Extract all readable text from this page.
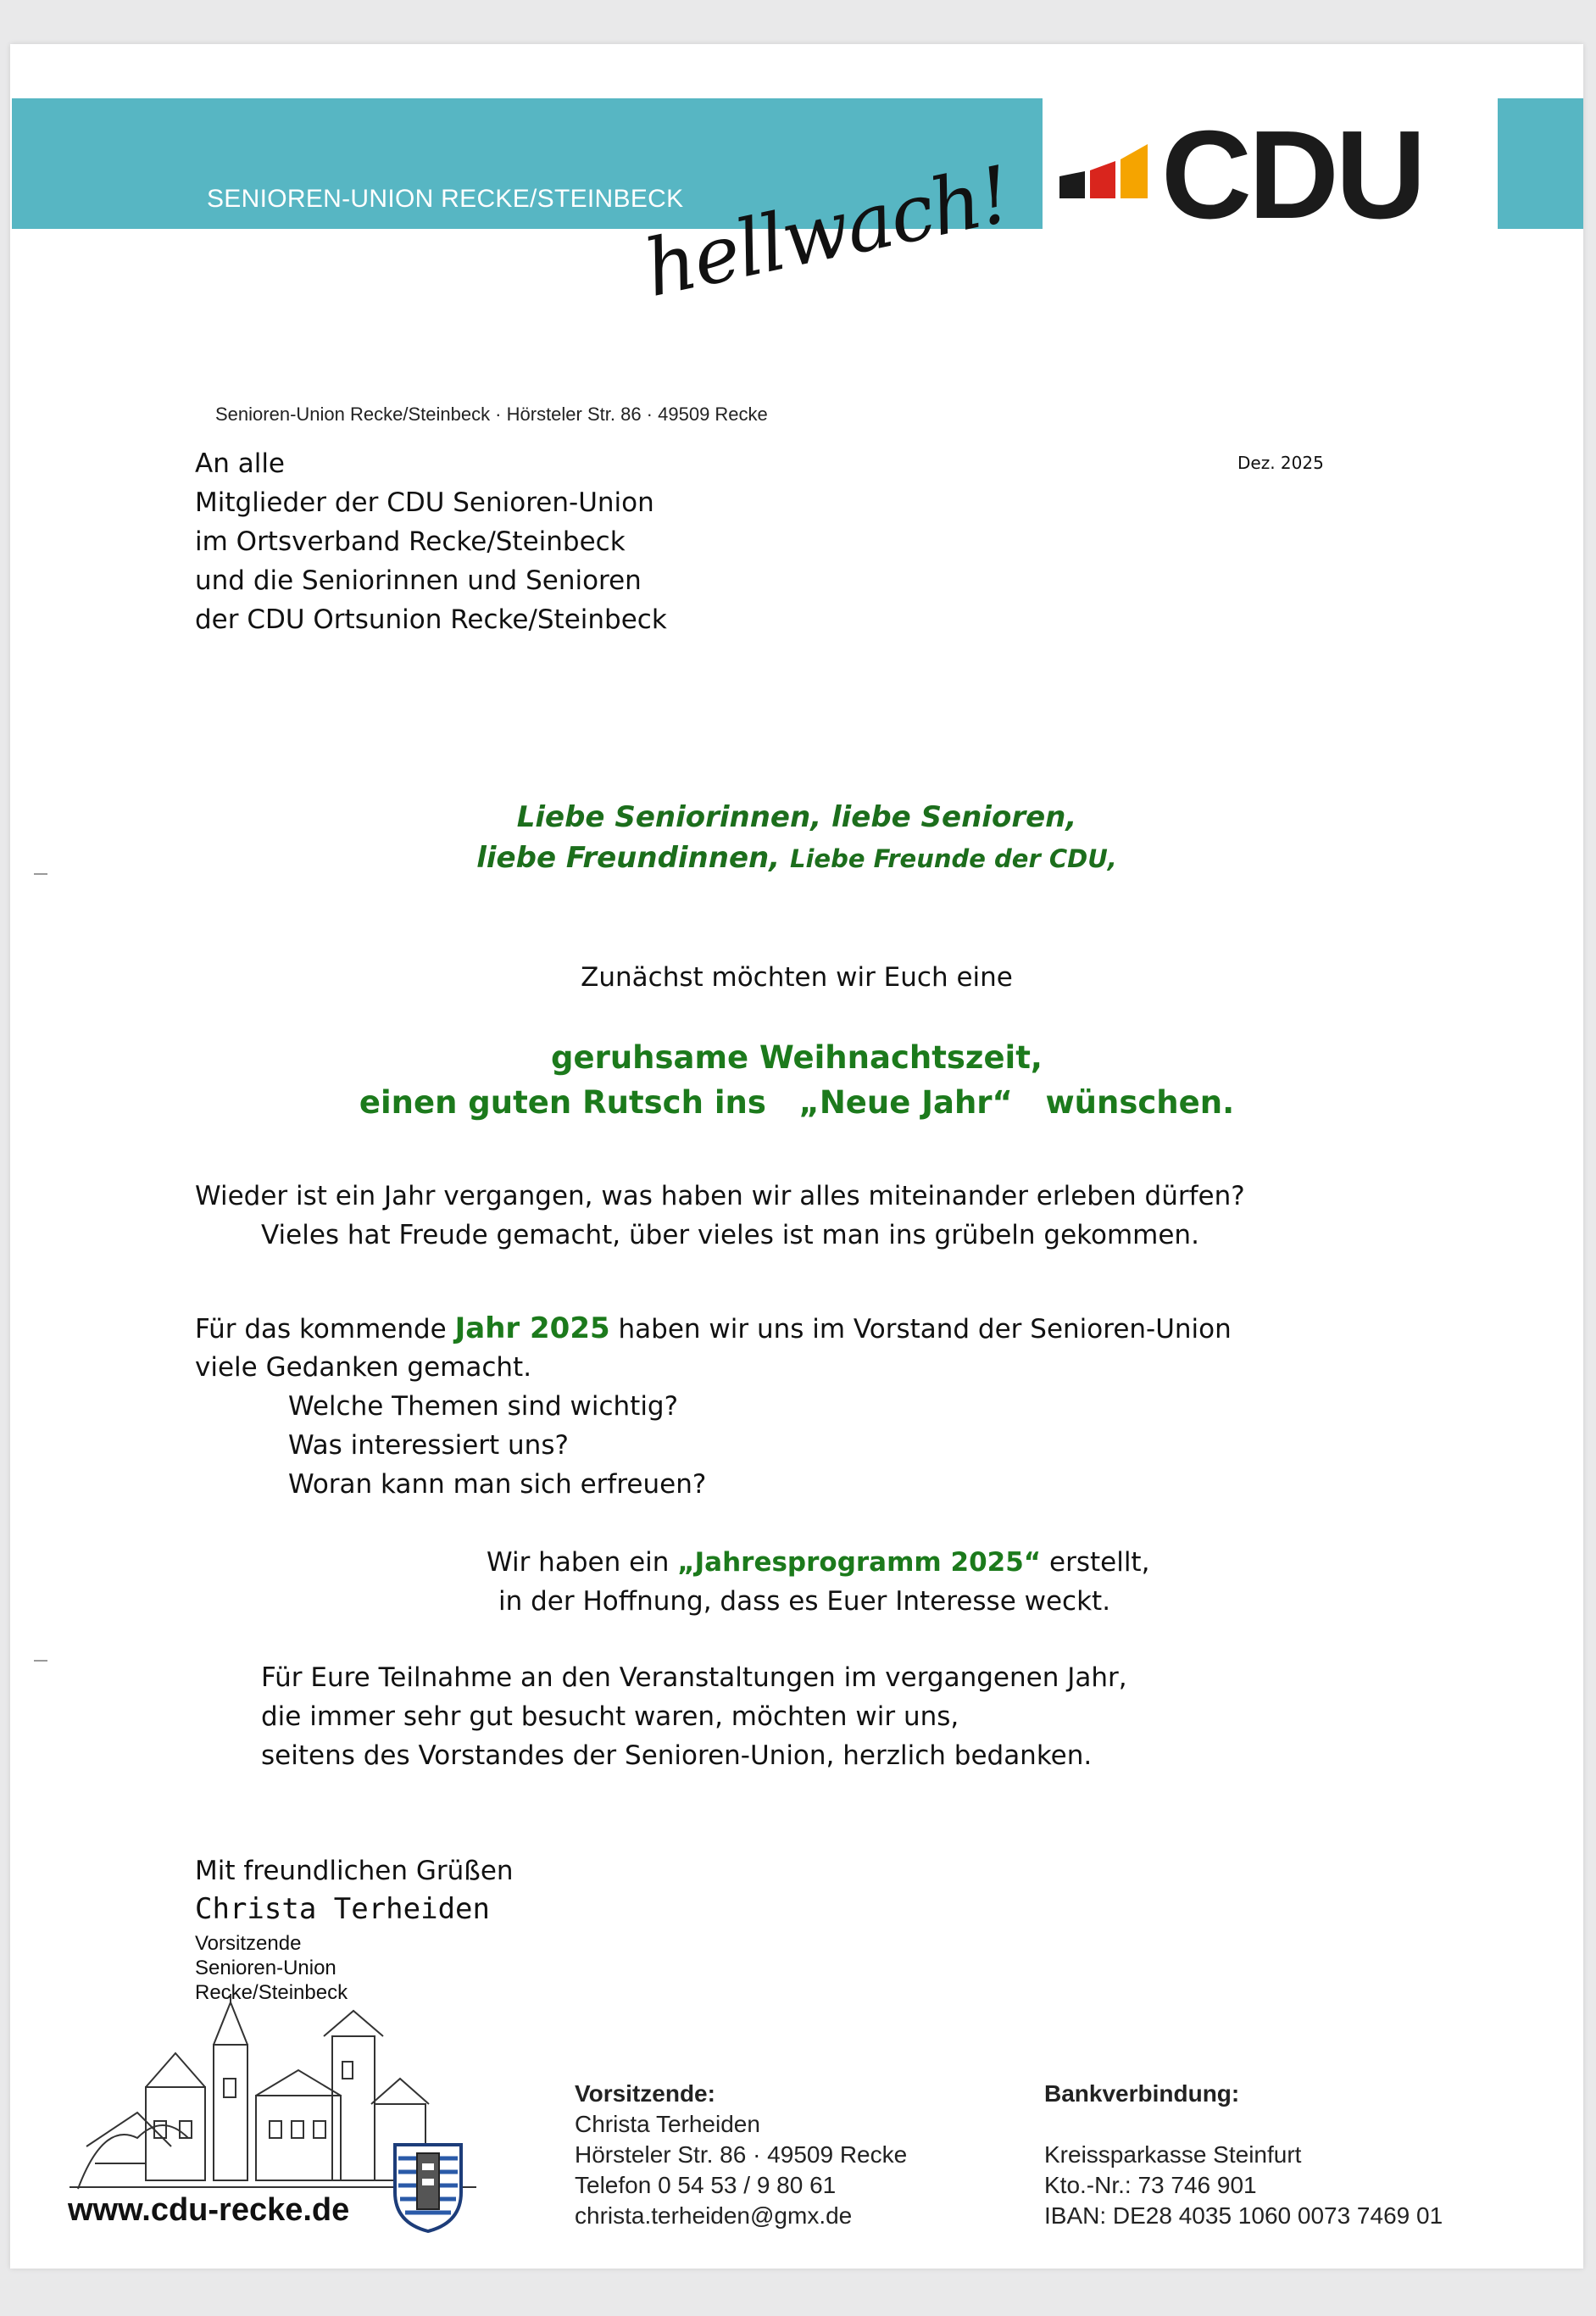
SENIOREN-UNION RECKE/STEINBECK	CDU
hellwach!
Senioren-Union Recke/Steinbeck · Hörsteler Str. 86 · 49509 Recke
An alle
Mitglieder der CDU Senioren-Union
im Ortsverband Recke/Steinbeck
und die Seniorinnen und Senioren
der CDU Ortsunion Recke/Steinbeck
Dez. 2025
Liebe Seniorinnen, liebe Senioren,
liebe Freundinnen, Liebe Freunde der CDU,
Zunächst möchten wir Euch eine
geruhsame Weihnachtszeit,
einen guten Rutsch ins   „Neue Jahr“   wünschen.
Wieder ist ein Jahr vergangen, was haben wir alles miteinander erleben dürfen?
Vieles hat Freude gemacht, über vieles ist man ins grübeln gekommen.
Für das kommende Jahr 2025 haben wir uns im Vorstand der Senioren-Union
viele Gedanken gemacht.
Welche Themen sind wichtig?
Was interessiert uns?
Woran kann man sich erfreuen?
Wir haben ein „Jahresprogramm 2025“ erstellt,
in der Hoffnung, dass es Euer Interesse weckt.
Für Eure Teilnahme an den Veranstaltungen im vergangenen Jahr,
die immer sehr gut besucht waren, möchten wir uns,
seitens des Vorstandes der Senioren-Union, herzlich bedanken.
Mit freundlichen Grüßen
Christa Terheiden
Vorsitzende
Senioren-Union
Recke/Steinbeck
www.cdu-recke.de
Vorsitzende:
Christa Terheiden
Hörsteler Str. 86 · 49509 Recke
Telefon 0 54 53 / 9 80 61
christa.terheiden@gmx.de
Bankverbindung:
Kreissparkasse Steinfurt
Kto.-Nr.: 73 746 901
IBAN: DE28 4035 1060 0073 7469 01
